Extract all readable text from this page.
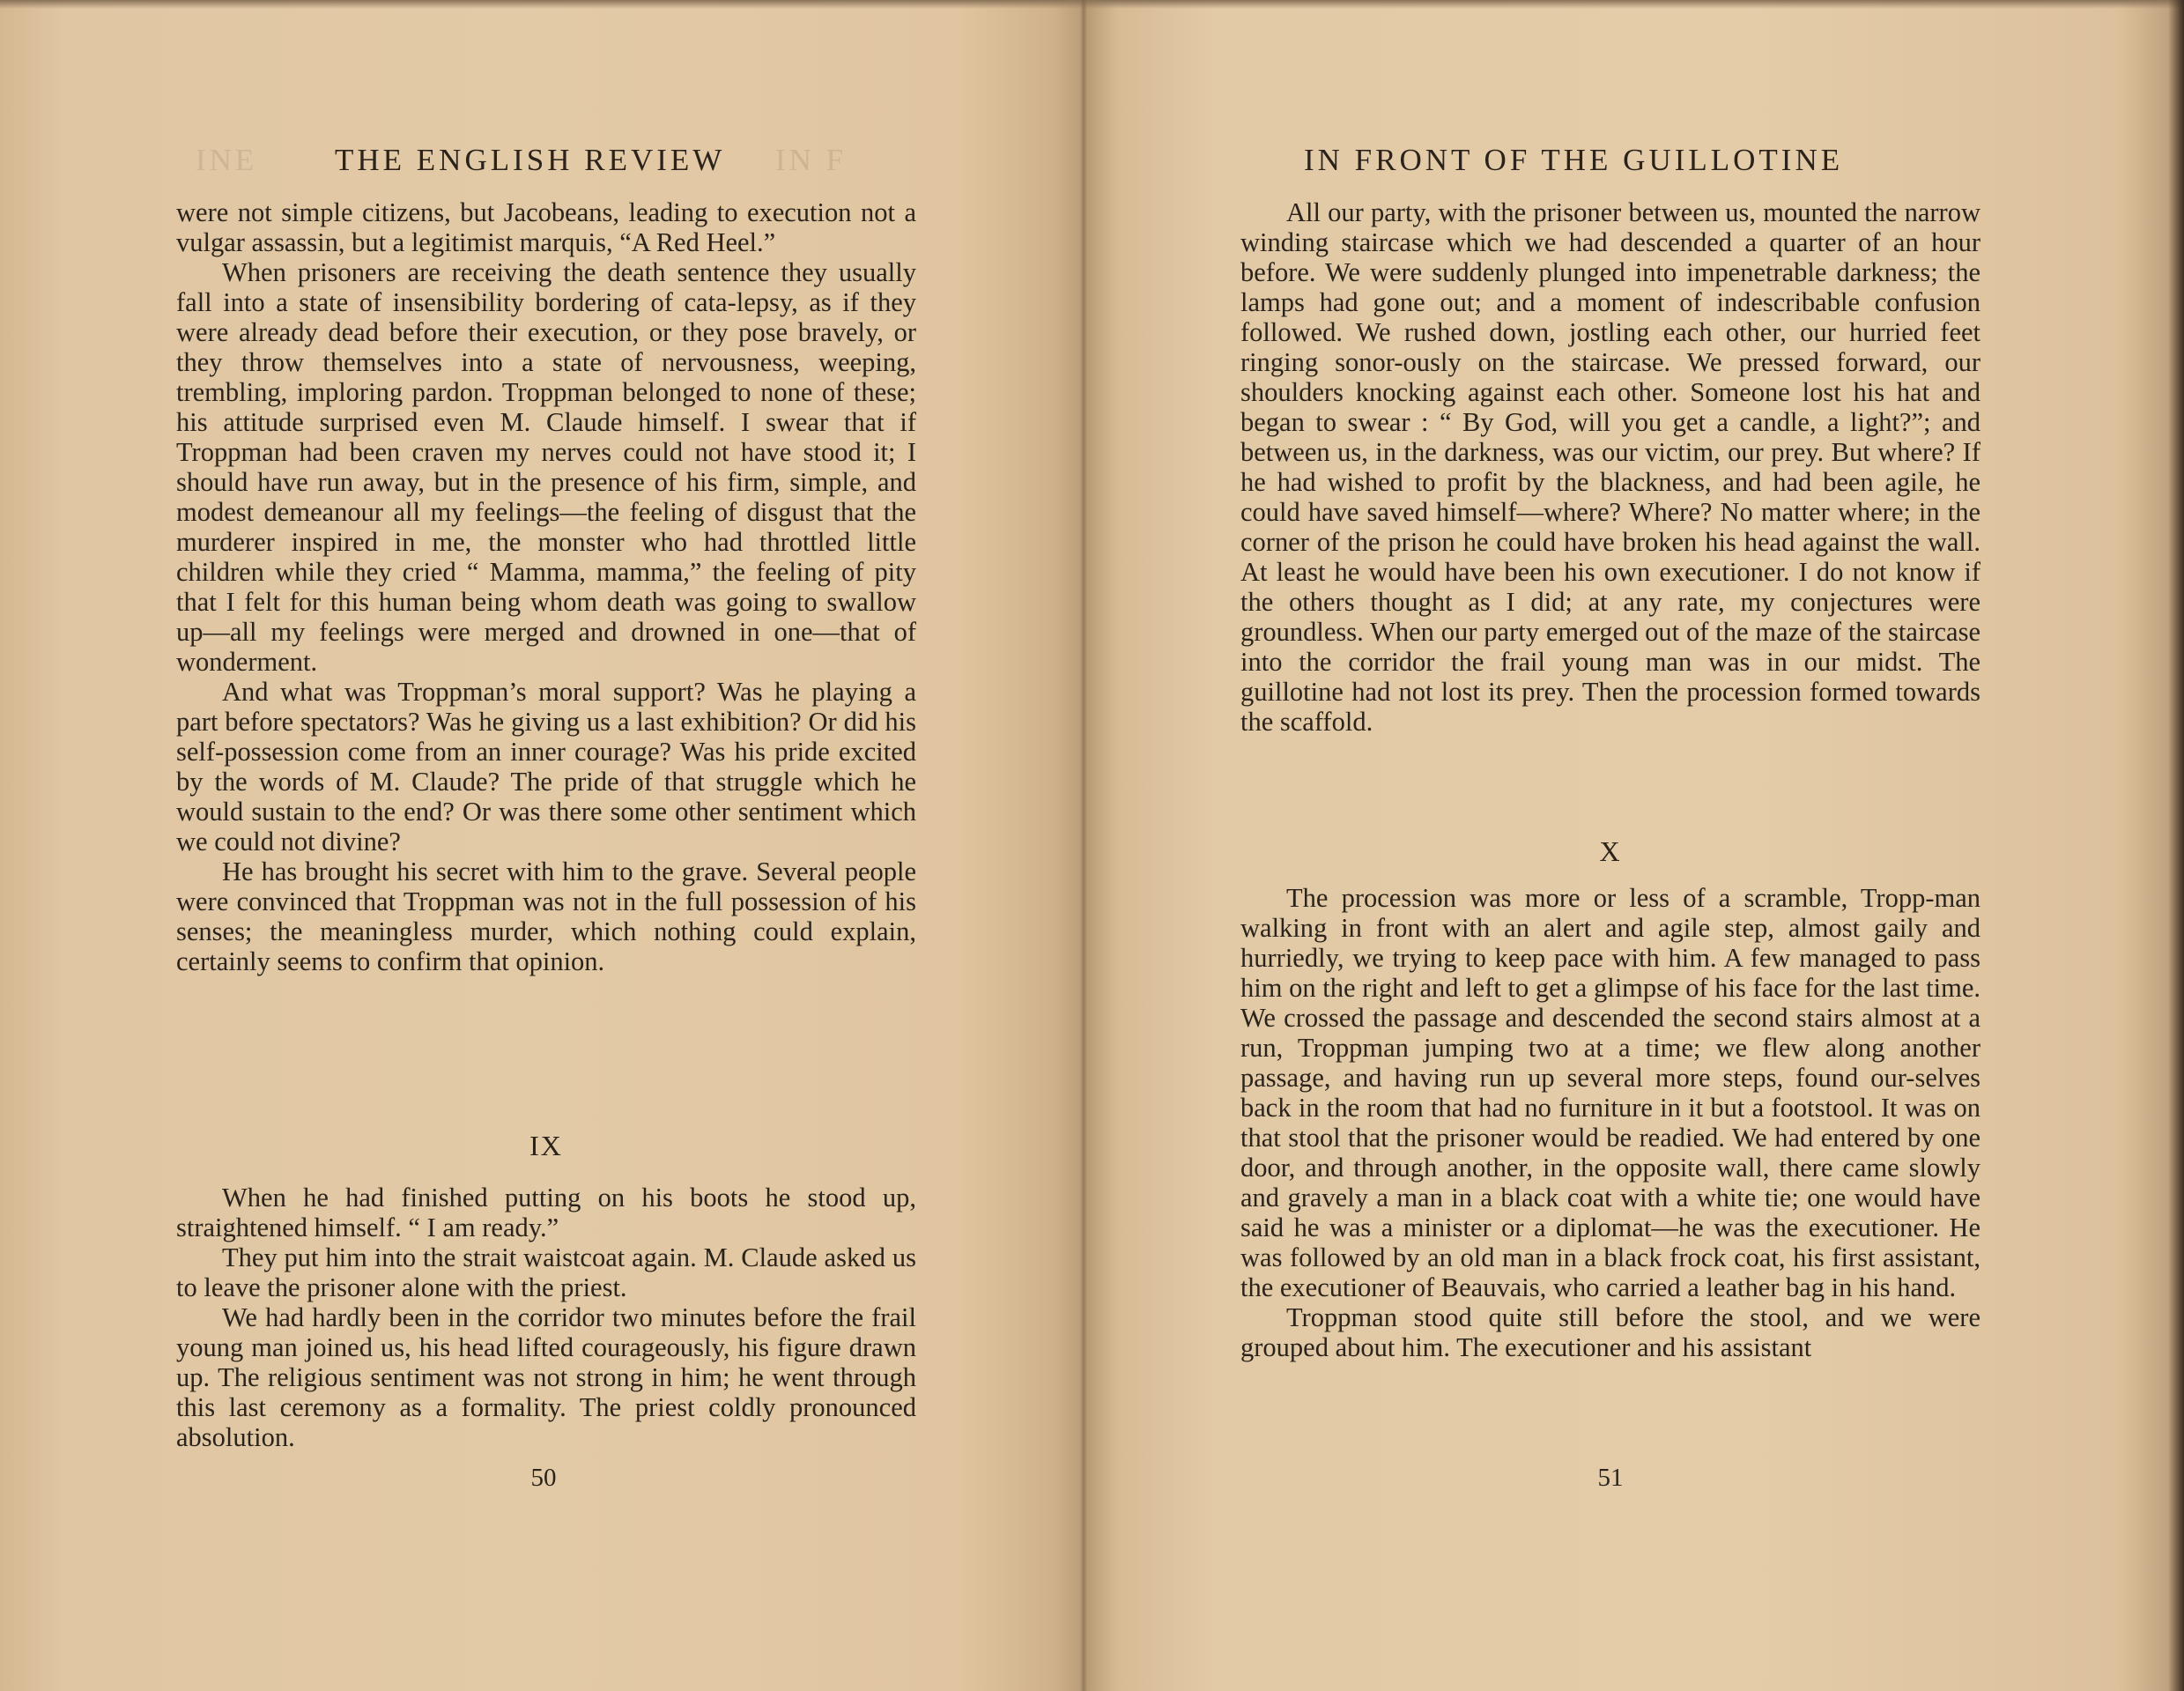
INE	IN F
THE ENGLISH REVIEW

were not simple citizens, but Jacobeans, leading to execution not a vulgar assassin, but a legitimist marquis, “A Red Heel.”

When prisoners are receiving the death sentence they usually fall into a state of insensibility bordering of cata-lepsy, as if they were already dead before their execution, or they pose bravely, or they throw themselves into a state of nervousness, weeping, trembling, imploring pardon. Troppman belonged to none of these; his attitude surprised even M. Claude himself. I swear that if Troppman had been craven my nerves could not have stood it; I should have run away, but in the presence of his firm, simple, and modest demeanour all my feelings—the feeling of disgust that the murderer inspired in me, the monster who had throttled little children while they cried “ Mamma, mamma,” the feeling of pity that I felt for this human being whom death was going to swallow up—all my feelings were merged and drowned in one—that of wonderment.

And what was Troppman’s moral support? Was he playing a part before spectators? Was he giving us a last exhibition? Or did his self-possession come from an inner courage? Was his pride excited by the words of M. Claude? The pride of that struggle which he would sustain to the end? Or was there some other sentiment which we could not divine?

He has brought his secret with him to the grave. Several people were convinced that Troppman was not in the full possession of his senses; the meaningless murder, which nothing could explain, certainly seems to confirm that opinion.

IX

When he had finished putting on his boots he stood up, straightened himself. “ I am ready.”

They put him into the strait waistcoat again. M. Claude asked us to leave the prisoner alone with the priest.

We had hardly been in the corridor two minutes before the frail young man joined us, his head lifted courageously, his figure drawn up. The religious sentiment was not strong in him; he went through this last ceremony as a formality. The priest coldly pronounced absolution.

50
IN FRONT OF THE GUILLOTINE

All our party, with the prisoner between us, mounted the narrow winding staircase which we had descended a quarter of an hour before. We were suddenly plunged into impenetrable darkness; the lamps had gone out; and a moment of indescribable confusion followed. We rushed down, jostling each other, our hurried feet ringing sonor-ously on the staircase. We pressed forward, our shoulders knocking against each other. Someone lost his hat and began to swear : “ By God, will you get a candle, a light?”; and between us, in the darkness, was our victim, our prey. But where? If he had wished to profit by the blackness, and had been agile, he could have saved himself—where? Where? No matter where; in the corner of the prison he could have broken his head against the wall. At least he would have been his own executioner. I do not know if the others thought as I did; at any rate, my conjectures were groundless. When our party emerged out of the maze of the staircase into the corridor the frail young man was in our midst. The guillotine had not lost its prey. Then the procession formed towards the scaffold.

X

The procession was more or less of a scramble, Tropp-man walking in front with an alert and agile step, almost gaily and hurriedly, we trying to keep pace with him. A few managed to pass him on the right and left to get a glimpse of his face for the last time. We crossed the passage and descended the second stairs almost at a run, Troppman jumping two at a time; we flew along another passage, and having run up several more steps, found our-selves back in the room that had no furniture in it but a footstool. It was on that stool that the prisoner would be readied. We had entered by one door, and through another, in the opposite wall, there came slowly and gravely a man in a black coat with a white tie; one would have said he was a minister or a diplomat—he was the executioner. He was followed by an old man in a black frock coat, his first assistant, the executioner of Beauvais, who carried a leather bag in his hand.

Troppman stood quite still before the stool, and we were grouped about him. The executioner and his assistant

51
